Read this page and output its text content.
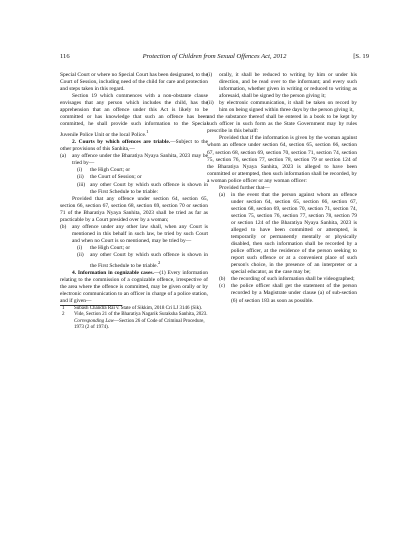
116	Protection of Children from Sexual Offences Act, 2012	[S. 19

Special Court or where no Special Court has been designated, to the Court of Session, including need of the child for care and protection and steps taken in this regard.

Section 19 which commences with a non-obstante clause envisages that any person which includes the child, has the apprehension that an offence under this Act is likely to be committed or has knowledge that such an offence has been committed, he shall provide such information to the Special Juvenile Police Unit or the local Police.$^1$

2. Courts by which offences are triable.—Subject to the other provisions of this Sanhita,—

(a) any offence under the Bharatiya Nyaya Sanhita, 2023 may be tried by—
(i) the High Court; or
(ii) the Court of Session; or
(iii) any other Court by which such offence is shown in the First Schedule to be triable:

Provided that any offence under section 64, section 65, section 66, section 67, section 68, section 69, section 70 or section 71 of the Bharatiya Nyaya Sanhita, 2023 shall be tried as far as practicable by a Court presided over by a woman;

(b) any offence under any other law shall, when any Court is mentioned in this behalf in such law, be tried by such Court and when no Court is so mentioned, may be tried by—
(i) the High Court; or
(ii) any other Court by which such offence is shown in the First Schedule to be triable.$^2$

4. Information in cognizable cases.—(1) Every information relating to the commission of a cognizable offence, irrespective of the area where the offence is committed, may be given orally or by electronic communication to an officer in charge of a police station, and if given—

1 Subash Chandra Rai v. State of Sikkim, 2018 Cri LJ 3146 (Sik).
2 Vide, Section 21 of the Bharatiya Nagarik Suraksha Sanhita, 2023.
Corresponding Law—Section 26 of Code of Criminal Procedure, 1973 (2 of 1974).
(i) orally, it shall be reduced to writing by him or under his direction, and be read over to the informant; and every such information, whether given in writing or reduced to writing as aforesaid, shall be signed by the person giving it;
(ii) by electronic communication, it shall be taken on record by him on being signed within three days by the person giving it,

and the substance thereof shall be entered in a book to be kept by such officer in such form as the State Government may by rules prescribe in this behalf:

Provided that if the information is given by the woman against whom an offence under section 64, section 65, section 66, section 67, section 68, section 69, section 70, section 71, section 74, section 75, section 76, section 77, section 78, section 79 or section 124 of the Bharatiya Nyaya Sanhita, 2023 is alleged to have been committed or attempted, then such information shall be recorded, by a woman police officer or any woman officer:

Provided further that—

(a) in the event that the person against whom an offence under section 64, section 65, section 66, section 67, section 68, section 69, section 70, section 71, section 74, section 75, section 76, section 77, section 78, section 79 or section 124 of the Bharatiya Nyaya Sanhita, 2023 is alleged to have been committed or attempted, is temporarily or permanently mentally or physically disabled, then such information shall be recorded by a police officer, at the residence of the person seeking to report such offence or at a convenient place of such person's choice, in the presence of an interpreter or a special educator, as the case may be;
(b) the recording of such information shall be videographed;
(c) the police officer shall get the statement of the person recorded by a Magistrate under clause (a) of sub-section (6) of section 183 as soon as possible.
